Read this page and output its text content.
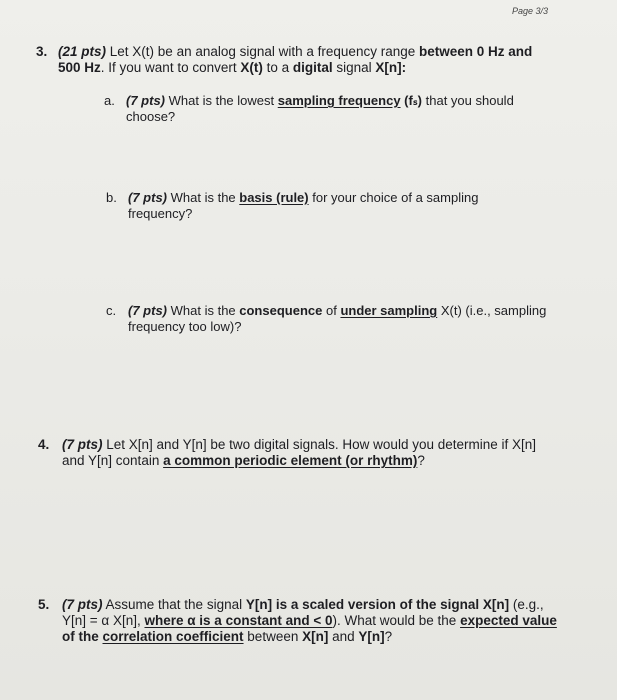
Page 3/3
3. (21 pts) Let X(t) be an analog signal with a frequency range between 0 Hz and
500 Hz. If you want to convert X(t) to a digital signal X[n]:
a. (7 pts) What is the lowest sampling frequency (fₛ) that you should
choose?
b. (7 pts) What is the basis (rule) for your choice of a sampling
frequency?
c. (7 pts) What is the consequence of under sampling X(t) (i.e., sampling
frequency too low)?
4. (7 pts) Let X[n] and Y[n] be two digital signals. How would you determine if X[n]
and Y[n] contain a common periodic element (or rhythm)?
5. (7 pts) Assume that the signal Y[n] is a scaled version of the signal X[n] (e.g.,
Y[n] = α X[n], where α is a constant and < 0). What would be the expected value
of the correlation coefficient between X[n] and Y[n]?
